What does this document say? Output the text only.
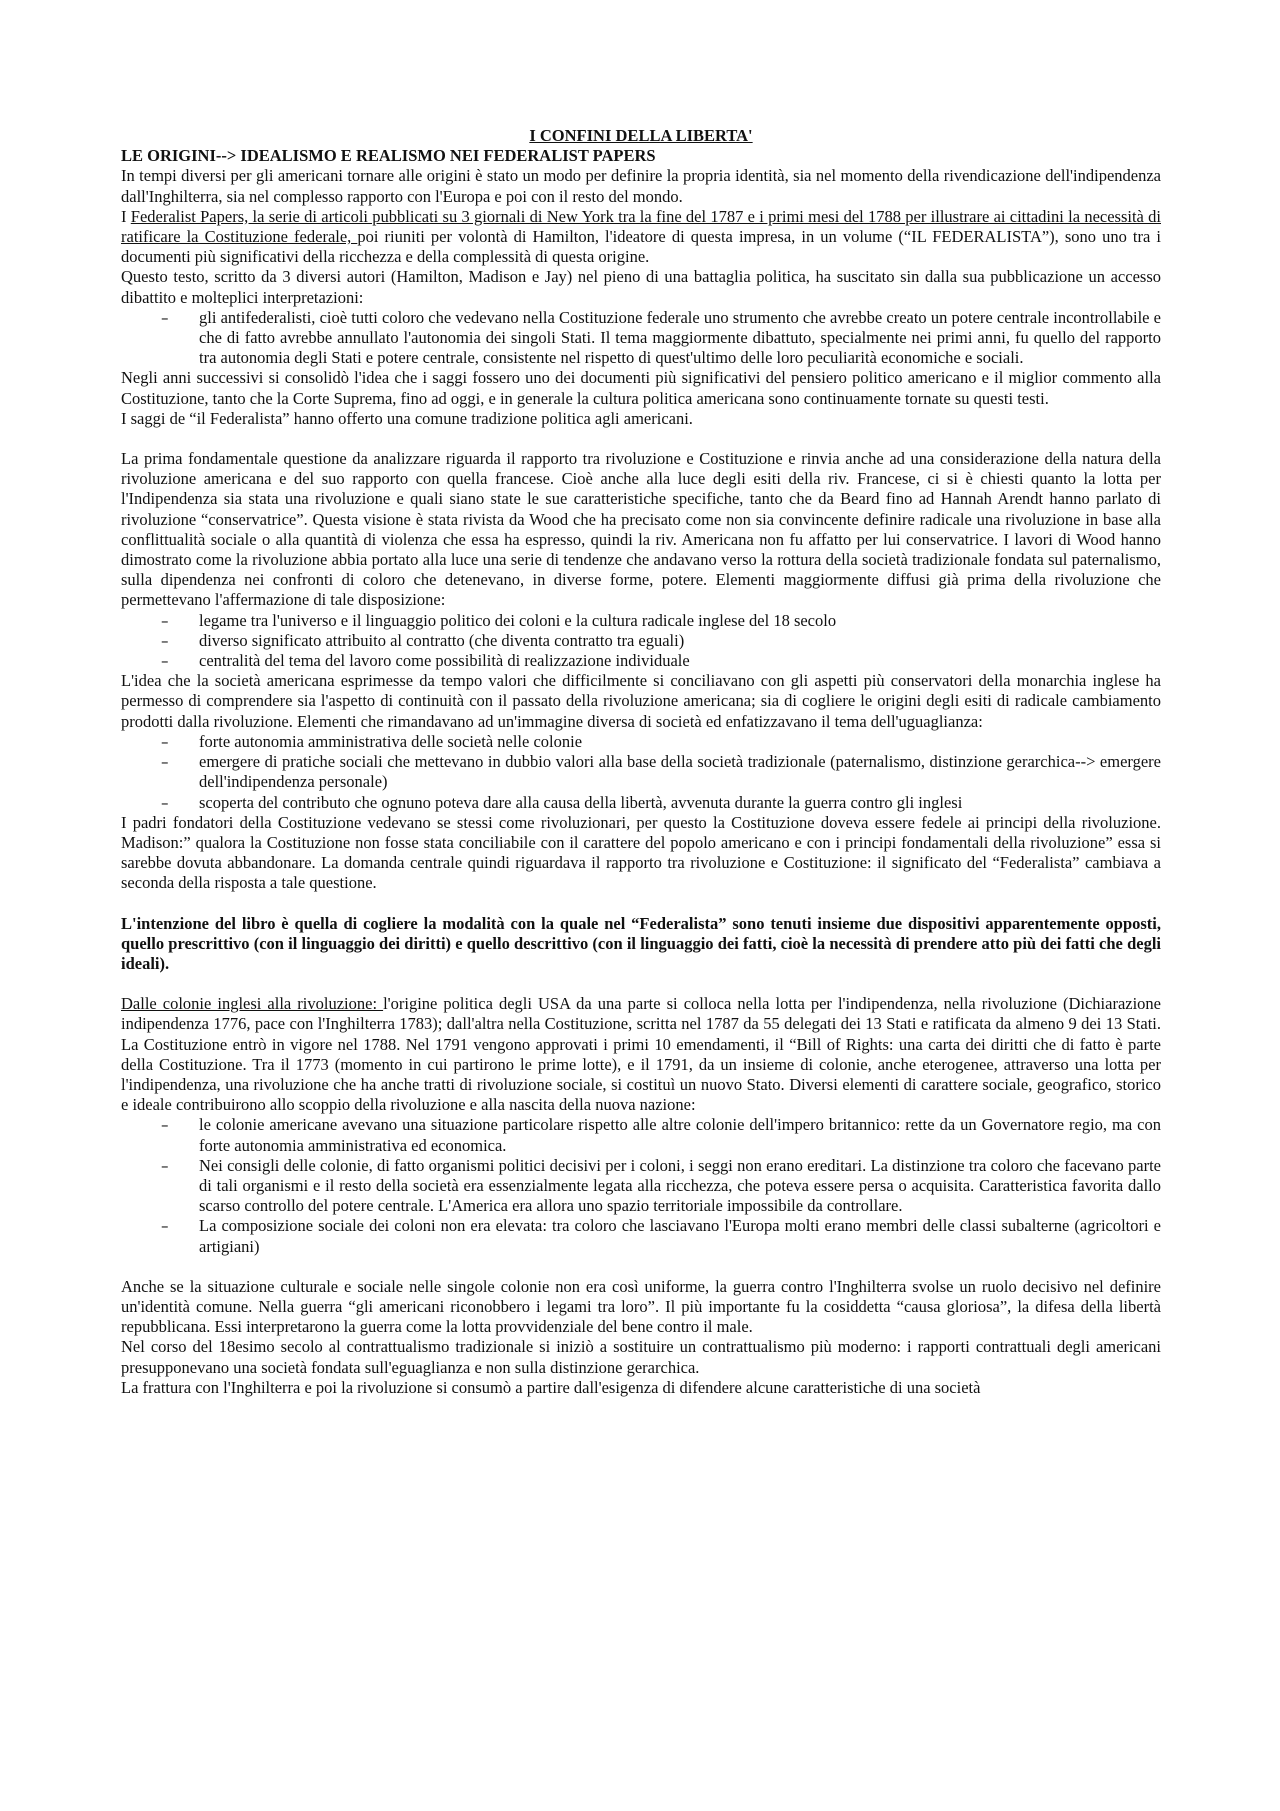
I CONFINI DELLA LIBERTA'

LE ORIGINI--> IDEALISMO E REALISMO NEI FEDERALIST PAPERS

In tempi diversi per gli americani tornare alle origini è stato un modo per definire la propria identità, sia nel momento della rivendicazione dell'indipendenza dall'Inghilterra, sia nel complesso rapporto con l'Europa e poi con il resto del mondo.

I Federalist Papers, la serie di articoli pubblicati su 3 giornali di New York tra la fine del 1787 e i primi mesi del 1788 per illustrare ai cittadini la necessità di ratificare la Costituzione federale, poi riuniti per volontà di Hamilton, l'ideatore di questa impresa, in un volume (“IL FEDERALISTA”), sono uno tra i documenti più significativi della ricchezza e della complessità di questa origine.

Questo testo, scritto da 3 diversi autori (Hamilton, Madison e Jay) nel pieno di una battaglia politica, ha suscitato sin dalla sua pubblicazione un accesso dibattito e molteplici interpretazioni:

– gli antifederalisti, cioè tutti coloro che vedevano nella Costituzione federale uno strumento che avrebbe creato un potere centrale incontrollabile e che di fatto avrebbe annullato l'autonomia dei singoli Stati. Il tema maggiormente dibattuto, specialmente nei primi anni, fu quello del rapporto tra autonomia degli Stati e potere centrale, consistente nel rispetto di quest'ultimo delle loro peculiarità economiche e sociali.

Negli anni successivi si consolidò l'idea che i saggi fossero uno dei documenti più significativi del pensiero politico americano e il miglior commento alla Costituzione, tanto che la Corte Suprema, fino ad oggi, e in generale la cultura politica americana sono continuamente tornate su questi testi.

I saggi de “il Federalista” hanno offerto una comune tradizione politica agli americani.

La prima fondamentale questione da analizzare riguarda il rapporto tra rivoluzione e Costituzione e rinvia anche ad una considerazione della natura della rivoluzione americana e del suo rapporto con quella francese. Cioè anche alla luce degli esiti della riv. Francese, ci si è chiesti quanto la lotta per l'Indipendenza sia stata una rivoluzione e quali siano state le sue caratteristiche specifiche, tanto che da Beard fino ad Hannah Arendt hanno parlato di rivoluzione “conservatrice”. Questa visione è stata rivista da Wood che ha precisato come non sia convincente definire radicale una rivoluzione in base alla conflittualità sociale o alla quantità di violenza che essa ha espresso, quindi la riv. Americana non fu affatto per lui conservatrice. I lavori di Wood hanno dimostrato come la rivoluzione abbia portato alla luce una serie di tendenze che andavano verso la rottura della società tradizionale fondata sul paternalismo, sulla dipendenza nei confronti di coloro che detenevano, in diverse forme, potere. Elementi maggiormente diffusi già prima della rivoluzione che permettevano l'affermazione di tale disposizione:

– legame tra l'universo e il linguaggio politico dei coloni e la cultura radicale inglese del 18 secolo
– diverso significato attribuito al contratto (che diventa contratto tra eguali)
– centralità del tema del lavoro come possibilità di realizzazione individuale

L'idea che la società americana esprimesse da tempo valori che difficilmente si conciliavano con gli aspetti più conservatori della monarchia inglese ha permesso di comprendere sia l'aspetto di continuità con il passato della rivoluzione americana; sia di cogliere le origini degli esiti di radicale cambiamento prodotti dalla rivoluzione. Elementi che rimandavano ad un'immagine diversa di società ed enfatizzavano il tema dell'uguaglianza:

– forte autonomia amministrativa delle società nelle colonie
– emergere di pratiche sociali che mettevano in dubbio valori alla base della società tradizionale (paternalismo, distinzione gerarchica--> emergere dell'indipendenza personale)
– scoperta del contributo che ognuno poteva dare alla causa della libertà, avvenuta durante la guerra contro gli inglesi

I padri fondatori della Costituzione vedevano se stessi come rivoluzionari, per questo la Costituzione doveva essere fedele ai principi della rivoluzione. Madison:” qualora la Costituzione non fosse stata conciliabile con il carattere del popolo americano e con i principi fondamentali della rivoluzione” essa si sarebbe dovuta abbandonare. La domanda centrale quindi riguardava il rapporto tra rivoluzione e Costituzione: il significato del “Federalista” cambiava a seconda della risposta a tale questione.

L'intenzione del libro è quella di cogliere la modalità con la quale nel “Federalista” sono tenuti insieme due dispositivi apparentemente opposti, quello prescrittivo (con il linguaggio dei diritti) e quello descrittivo (con il linguaggio dei fatti, cioè la necessità di prendere atto più dei fatti che degli ideali).

Dalle colonie inglesi alla rivoluzione: l'origine politica degli USA da una parte si colloca nella lotta per l'indipendenza, nella rivoluzione (Dichiarazione indipendenza 1776, pace con l'Inghilterra 1783); dall'altra nella Costituzione, scritta nel 1787 da 55 delegati dei 13 Stati e ratificata da almeno 9 dei 13 Stati. La Costituzione entrò in vigore nel 1788. Nel 1791 vengono approvati i primi 10 emendamenti, il “Bill of Rights: una carta dei diritti che di fatto è parte della Costituzione. Tra il 1773 (momento in cui partirono le prime lotte), e il 1791, da un insieme di colonie, anche eterogenee, attraverso una lotta per l'indipendenza, una rivoluzione che ha anche tratti di rivoluzione sociale, si costituì un nuovo Stato. Diversi elementi di carattere sociale, geografico, storico e ideale contribuirono allo scoppio della rivoluzione e alla nascita della nuova nazione:

– le colonie americane avevano una situazione particolare rispetto alle altre colonie dell'impero britannico: rette da un Governatore regio, ma con forte autonomia amministrativa ed economica.
– Nei consigli delle colonie, di fatto organismi politici decisivi per i coloni, i seggi non erano ereditari. La distinzione tra coloro che facevano parte di tali organismi e il resto della società era essenzialmente legata alla ricchezza, che poteva essere persa o acquisita. Caratteristica favorita dallo scarso controllo del potere centrale. L'America era allora uno spazio territoriale impossibile da controllare.
– La composizione sociale dei coloni non era elevata: tra coloro che lasciavano l'Europa molti erano membri delle classi subalterne (agricoltori e artigiani)

Anche se la situazione culturale e sociale nelle singole colonie non era così uniforme, la guerra contro l'Inghilterra svolse un ruolo decisivo nel definire un'identità comune. Nella guerra “gli americani riconobbero i legami tra loro”. Il più importante fu la cosiddetta “causa gloriosa”, la difesa della libertà repubblicana. Essi interpretarono la guerra come la lotta provvidenziale del bene contro il male.

Nel corso del 18esimo secolo al contrattualismo tradizionale si iniziò a sostituire un contrattualismo più moderno: i rapporti contrattuali degli americani presupponevano una società fondata sull'eguaglianza e non sulla distinzione gerarchica.

La frattura con l'Inghilterra e poi la rivoluzione si consumò a partire dall'esigenza di difendere alcune caratteristiche di una società
